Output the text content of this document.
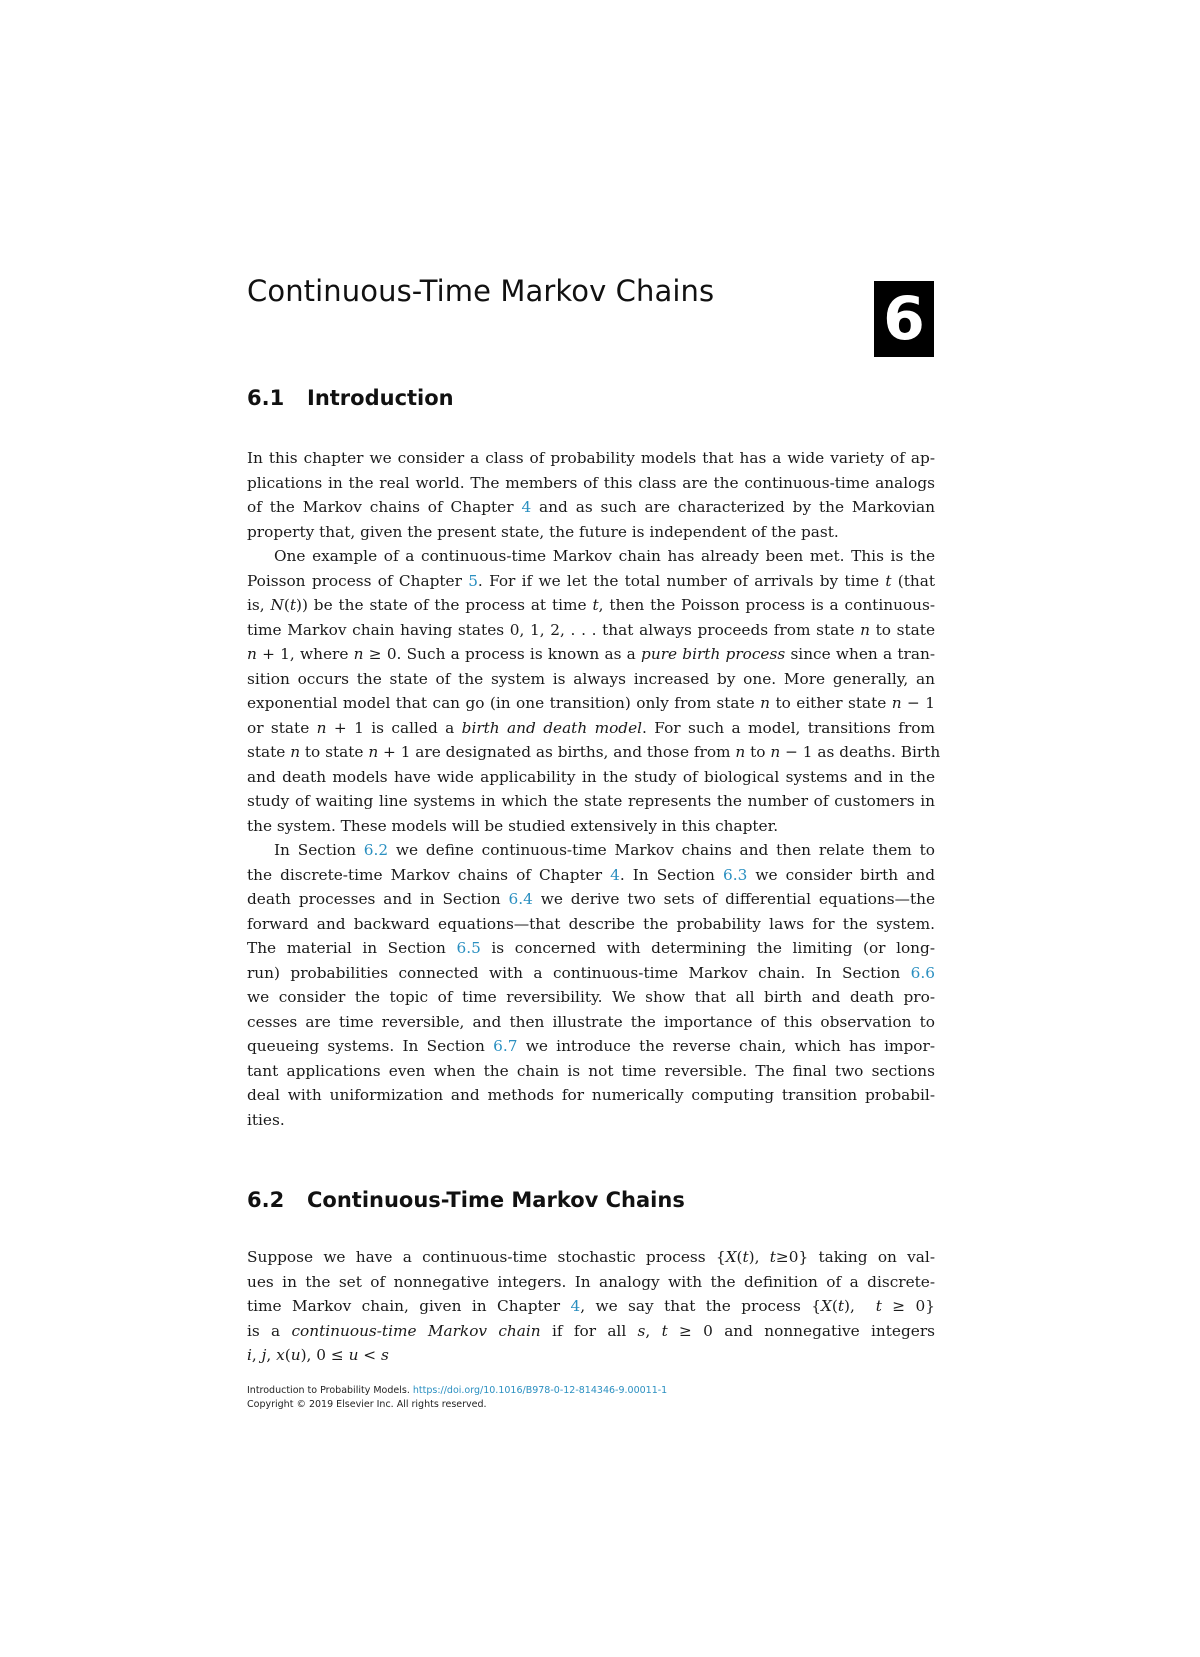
Continuous-Time Markov Chains	6
6.1 Introduction
In this chapter we consider a class of probability models that has a wide variety of ap-
plications in the real world. The members of this class are the continuous-time analogs
of the Markov chains of Chapter 4 and as such are characterized by the Markovian
property that, given the present state, the future is independent of the past.
One example of a continuous-time Markov chain has already been met. This is the
Poisson process of Chapter 5. For if we let the total number of arrivals by time t (that
is, N(t)) be the state of the process at time t, then the Poisson process is a continuous-
time Markov chain having states 0, 1, 2, . . . that always proceeds from state n to state
n + 1, where n ≥ 0. Such a process is known as a pure birth process since when a tran-
sition occurs the state of the system is always increased by one. More generally, an
exponential model that can go (in one transition) only from state n to either state n − 1
or state n + 1 is called a birth and death model. For such a model, transitions from
state n to state n + 1 are designated as births, and those from n to n − 1 as deaths. Birth
and death models have wide applicability in the study of biological systems and in the
study of waiting line systems in which the state represents the number of customers in
the system. These models will be studied extensively in this chapter.
In Section 6.2 we define continuous-time Markov chains and then relate them to
the discrete-time Markov chains of Chapter 4. In Section 6.3 we consider birth and
death processes and in Section 6.4 we derive two sets of differential equations—the
forward and backward equations—that describe the probability laws for the system.
The material in Section 6.5 is concerned with determining the limiting (or long-
run) probabilities connected with a continuous-time Markov chain. In Section 6.6
we consider the topic of time reversibility. We show that all birth and death pro-
cesses are time reversible, and then illustrate the importance of this observation to
queueing systems. In Section 6.7 we introduce the reverse chain, which has impor-
tant applications even when the chain is not time reversible. The final two sections
deal with uniformization and methods for numerically computing transition probabil-
ities.
6.2 Continuous-Time Markov Chains
Suppose we have a continuous-time stochastic process {X(t), t≥0} taking on val-
ues in the set of nonnegative integers. In analogy with the definition of a discrete-
time Markov chain, given in Chapter 4, we say that the process {X(t),  t ≥ 0}
is a continuous-time Markov chain if for all s, t ≥ 0 and nonnegative integers
i, j, x(u), 0 ≤ u < s
Introduction to Probability Models. https://doi.org/10.1016/B978-0-12-814346-9.00011-1
Copyright © 2019 Elsevier Inc. All rights reserved.
